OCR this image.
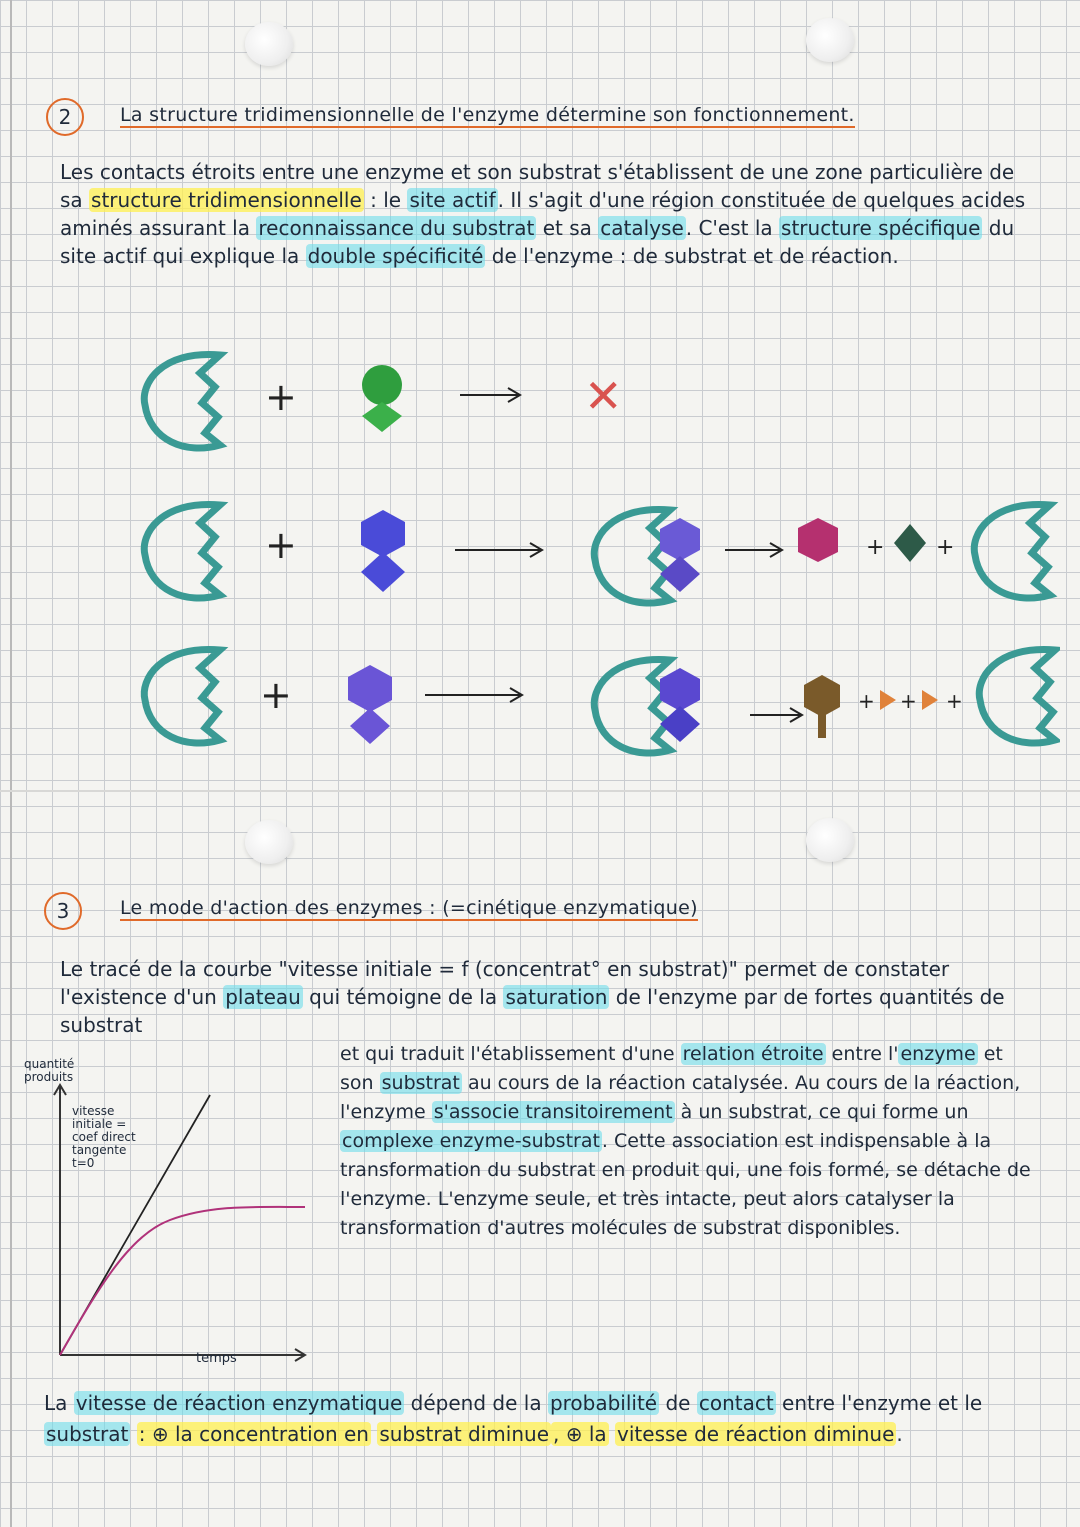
2	La structure tridimensionnelle de l'enzyme détermine son fonctionnement.
Les contacts étroits entre une enzyme et son substrat s'établissent de une zone particulière de sa structure tridimensionnelle : le site actif . Il s'agit d'une région constituée de quelques acides aminés assurant la reconnaissance du substrat et sa catalyse . C'est la structure spécifique du site actif qui explique la double spécificité de l'enzyme : de substrat et de réaction.
+	✕
+	+ +
+	+ + +
3	Le mode d'action des enzymes : (=cinétique enzymatique)
Le tracé de la courbe "vitesse initiale = f (concentrat° en substrat)" permet de constater l'existence d'un plateau qui témoigne de la saturation de l'enzyme par de fortes quantités de substrat
et qui traduit l'établissement d'une relation étroite entre l' enzyme et son substrat au cours de la réaction catalysée. Au cours de la réaction, l'enzyme s'associe transitoirement à un substrat, ce qui forme un complexe enzyme-substrat . Cette association est indispensable à la transformation du substrat en produit qui, une fois formé, se détache de l'enzyme. L'enzyme seule, et très intacte, peut alors catalyser la transformation d'autres molécules de substrat disponibles.
quantité produits
vitesse initiale = coef direct tangente t=0
temps
La vitesse de réaction enzymatique dépend de la probabilité de contact entre l'enzyme et le substrat : ⊕ la concentration en substrat diminue , ⊕ la vitesse de réaction diminue .
